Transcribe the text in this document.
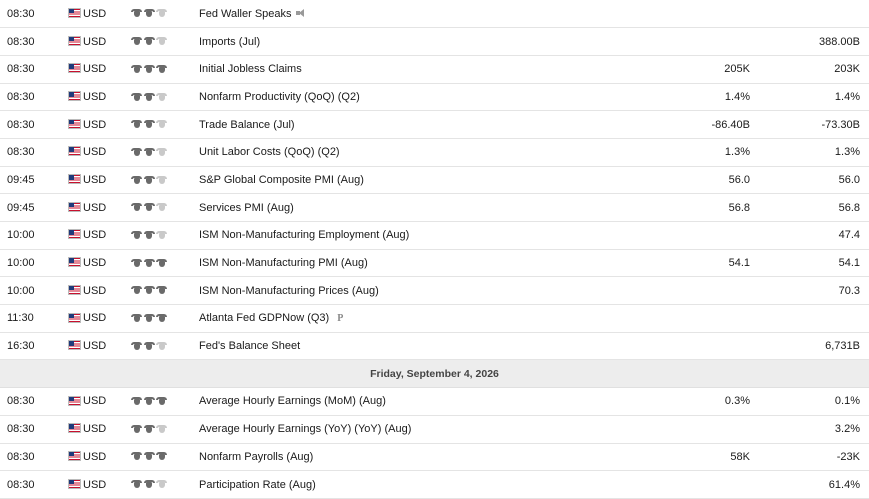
08:30		USD		Fed Waller Speaks			
08:30		USD		Imports (Jul)			388.00B
08:30		USD		Initial Jobless Claims		205K	203K
08:30		USD		Nonfarm Productivity (QoQ) (Q2)		1.4%	1.4%
08:30		USD		Trade Balance (Jul)		-86.40B	-73.30B
08:30		USD		Unit Labor Costs (QoQ) (Q2)		1.3%	1.3%
09:45		USD		S&P Global Composite PMI (Aug)		56.0	56.0
09:45		USD		Services PMI (Aug)		56.8	56.8
10:00		USD		ISM Non-Manufacturing Employment (Aug)			47.4
10:00		USD		ISM Non-Manufacturing PMI (Aug)		54.1	54.1
10:00		USD		ISM Non-Manufacturing Prices (Aug)			70.3
11:30		USD		Atlanta Fed GDPNow (Q3) P			
16:30		USD		Fed's Balance Sheet			6,731B
Friday, September 4, 2026							
08:30		USD		Average Hourly Earnings (MoM) (Aug)		0.3%	0.1%
08:30		USD		Average Hourly Earnings (YoY) (YoY) (Aug)			3.2%
08:30		USD		Nonfarm Payrolls (Aug)		58K	-23K
08:30		USD		Participation Rate (Aug)			61.4%
